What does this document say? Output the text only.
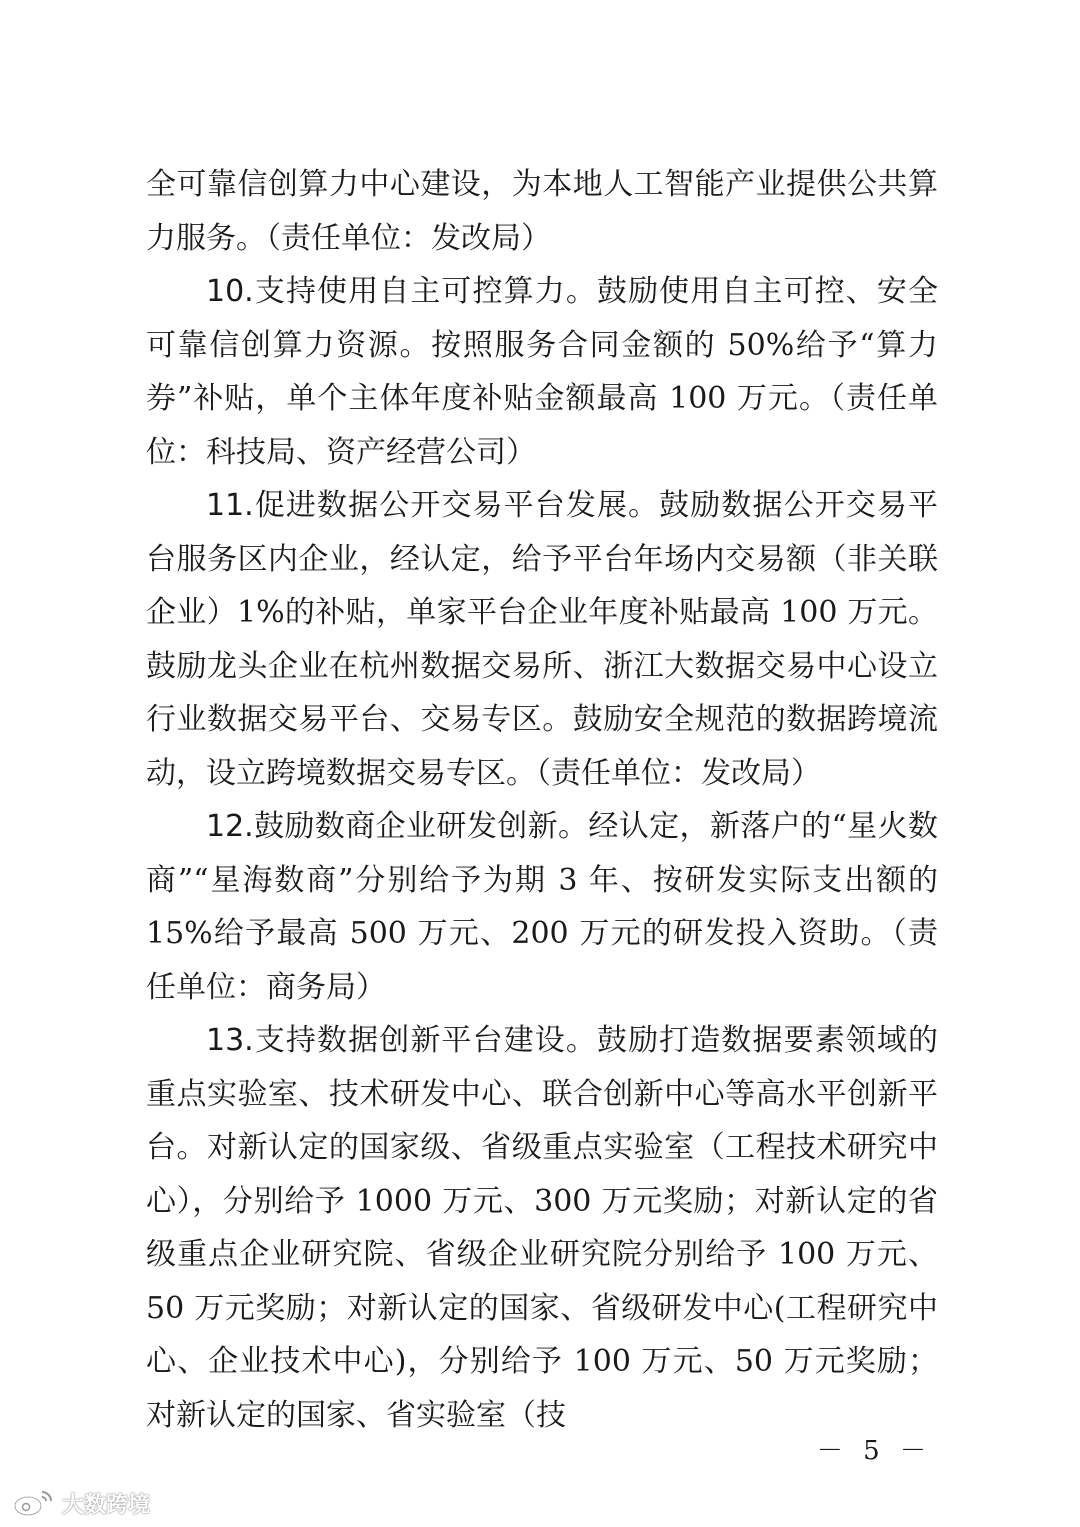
全可靠信创算力中心建设，为本地人工智能产业提供公共算力服务。（责任单位：发改局）

10.支持使用自主可控算力。鼓励使用自主可控、安全可靠信创算力资源。按照服务合同金额的 50%给予“算力券”补贴，单个主体年度补贴金额最高 100 万元。（责任单位：科技局、资产经营公司）

11.促进数据公开交易平台发展。鼓励数据公开交易平台服务区内企业，经认定，给予平台年场内交易额（非关联企业）1%的补贴，单家平台企业年度补贴最高 100 万元。鼓励龙头企业在杭州数据交易所、浙江大数据交易中心设立行业数据交易平台、交易专区。鼓励安全规范的数据跨境流动，设立跨境数据交易专区。（责任单位：发改局）

12.鼓励数商企业研发创新。经认定，新落户的“星火数商”“星海数商”分别给予为期 3 年、按研发实际支出额的 15%给予最高 500 万元、200 万元的研发投入资助。（责任单位：商务局）

13.支持数据创新平台建设。鼓励打造数据要素领域的重点实验室、技术研发中心、联合创新中心等高水平创新平台。对新认定的国家级、省级重点实验室（工程技术研究中心），分别给予 1000 万元、300 万元奖励；对新认定的省级重点企业研究院、省级企业研究院分别给予 100 万元、50 万元奖励；对新认定的国家、省级研发中心(工程研究中心、企业技术中心)，分别给予 100 万元、50 万元奖励；对新认定的国家、省实验室（技

－ 5 －
大数跨境
